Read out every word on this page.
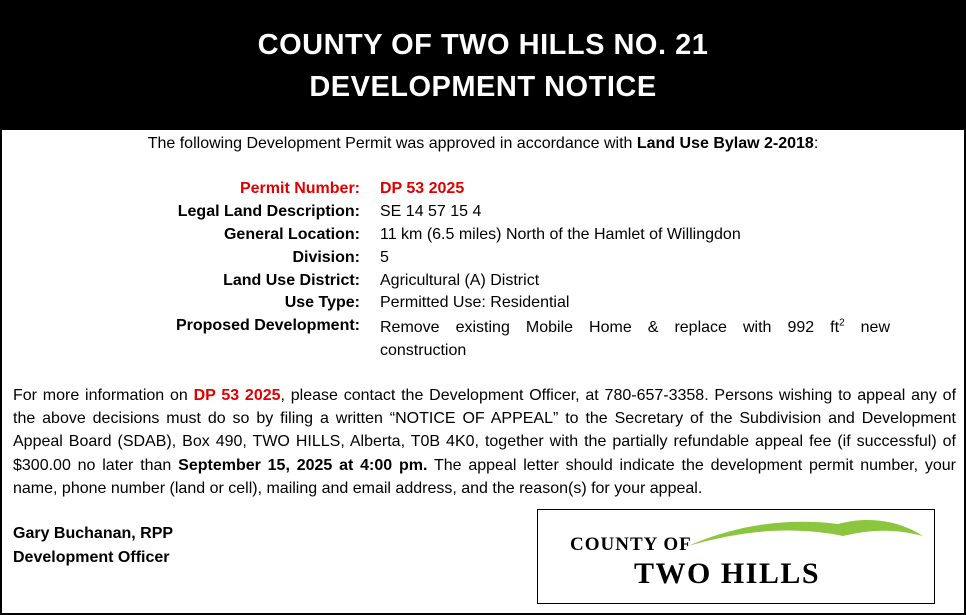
COUNTY OF TWO HILLS NO. 21
DEVELOPMENT NOTICE
The following Development Permit was approved in accordance with Land Use Bylaw 2-2018:
Permit Number: DP 53 2025
Legal Land Description: SE 14 57 15 4
General Location: 11 km (6.5 miles) North of the Hamlet of Willingdon
Division: 5
Land Use District: Agricultural (A) District
Use Type: Permitted Use: Residential
Proposed Development: Remove existing Mobile Home & replace with 992 $ft^2$ new
construction
For more information on DP 53 2025, please contact the Development Officer, at 780-657-3358. Persons wishing to appeal any of the above decisions must do so by filing a written “NOTICE OF APPEAL” to the Secretary of the Subdivision and Development Appeal Board (SDAB), Box 490, TWO HILLS, Alberta, T0B 4K0, together with the partially refundable appeal fee (if successful) of $300.00 no later than September 15, 2025 at 4:00 pm. The appeal letter should indicate the development permit number, your name, phone number (land or cell), mailing and email address, and the reason(s) for your appeal.
Gary Buchanan, RPP
Development Officer
COUNTY OF
TWO HILLS
